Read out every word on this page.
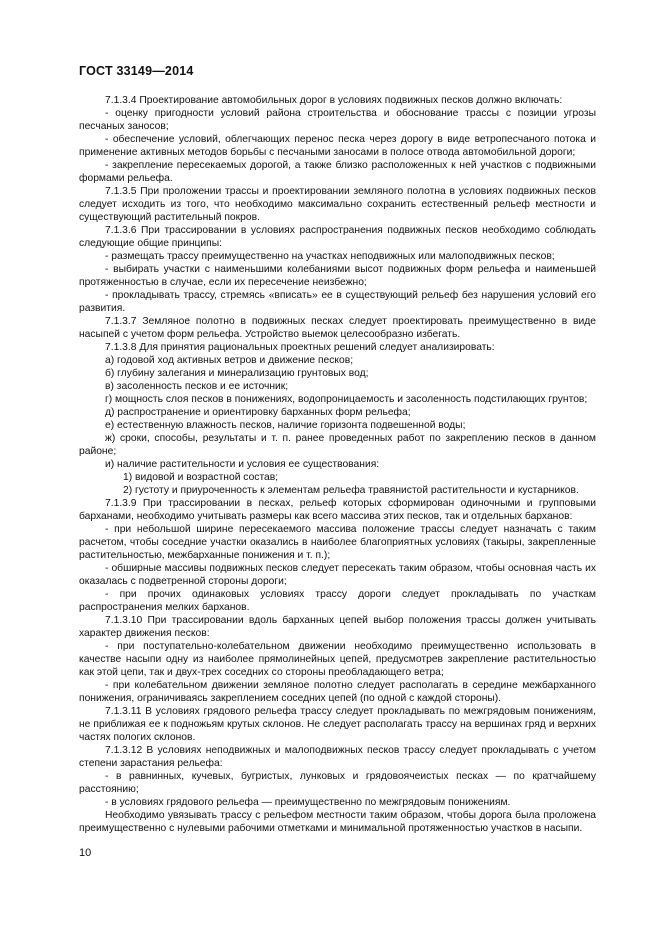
ГОСТ 33149—2014

7.1.3.4 Проектирование автомобильных дорог в условиях подвижных песков должно включать:

- оценку пригодности условий района строительства и обоснование трассы с позиции угрозы песчаных заносов;

- обеспечение условий, облегчающих перенос песка через дорогу в виде ветропесчаного потока и применение активных методов борьбы с песчаными заносами в полосе отвода автомобильной дороги;

- закрепление пересекаемых дорогой, а также близко расположенных к ней участков с подвижными формами рельефа.

7.1.3.5 При проложении трассы и проектировании земляного полотна в условиях подвижных песков следует исходить из того, что необходимо максимально сохранить естественный рельеф местности и существующий растительный покров.

7.1.3.6 При трассировании в условиях распространения подвижных песков необходимо соблюдать следующие общие принципы:

- размещать трассу преимущественно на участках неподвижных или малоподвижных песков;

- выбирать участки с наименьшими колебаниями высот подвижных форм рельефа и наименьшей протяженностью в случае, если их пересечение неизбежно;

- прокладывать трассу, стремясь «вписать» ее в существующий рельеф без нарушения условий его развития.

7.1.3.7 Земляное полотно в подвижных песках следует проектировать преимущественно в виде насыпей с учетом форм рельефа. Устройство выемок целесообразно избегать.

7.1.3.8 Для принятия рациональных проектных решений следует анализировать:

а) годовой ход активных ветров и движение песков;

б) глубину залегания и минерализацию грунтовых вод;

в) засоленность песков и ее источник;

г) мощность слоя песков в понижениях, водопроницаемость и засоленность подстилающих грунтов;

д) распространение и ориентировку барханных форм рельефа;

е) естественную влажность песков, наличие горизонта подвешенной воды;

ж) сроки, способы, результаты и т. п. ранее проведенных работ по закреплению песков в данном районе;

и) наличие растительности и условия ее существования:

1) видовой и возрастной состав;

2) густоту и приуроченность к элементам рельефа травянистой растительности и кустарников.

7.1.3.9 При трассировании в песках, рельеф которых сформирован одиночными и групповыми барханами, необходимо учитывать размеры как всего массива этих песков, так и отдельных барханов:

- при небольшой ширине пересекаемого массива положение трассы следует назначать с таким расчетом, чтобы соседние участки оказались в наиболее благоприятных условиях (такыры, закрепленные растительностью, межбарханные понижения и т. п.);

- обширные массивы подвижных песков следует пересекать таким образом, чтобы основная часть их оказалась с подветренной стороны дороги;

- при прочих одинаковых условиях трассу дороги следует прокладывать по участкам распространения мелких барханов.

7.1.3.10 При трассировании вдоль барханных цепей выбор положения трассы должен учитывать характер движения песков:

- при поступательно-колебательном движении необходимо преимущественно использовать в качестве насыпи одну из наиболее прямолинейных цепей, предусмотрев закрепление растительностью как этой цепи, так и двух-трех соседних со стороны преобладающего ветра;

- при колебательном движении земляное полотно следует располагать в середине межбарханного понижения, ограничиваясь закреплением соседних цепей (по одной с каждой стороны).

7.1.3.11 В условиях грядового рельефа трассу следует прокладывать по межгрядовым понижениям, не приближая ее к подножьям крутых склонов. Не следует располагать трассу на вершинах гряд и верхних частях пологих склонов.

7.1.3.12 В условиях неподвижных и малоподвижных песков трассу следует прокладывать с учетом степени зарастания рельефа:

- в равнинных, кучевых, бугристых, лунковых и грядовоячеистых песках — по кратчайшему расстоянию;

- в условиях грядового рельефа — преимущественно по межгрядовым понижениям.

Необходимо увязывать трассу с рельефом местности таким образом, чтобы дорога была проложена преимущественно с нулевыми рабочими отметками и минимальной протяженностью участков в насыпи.

10
